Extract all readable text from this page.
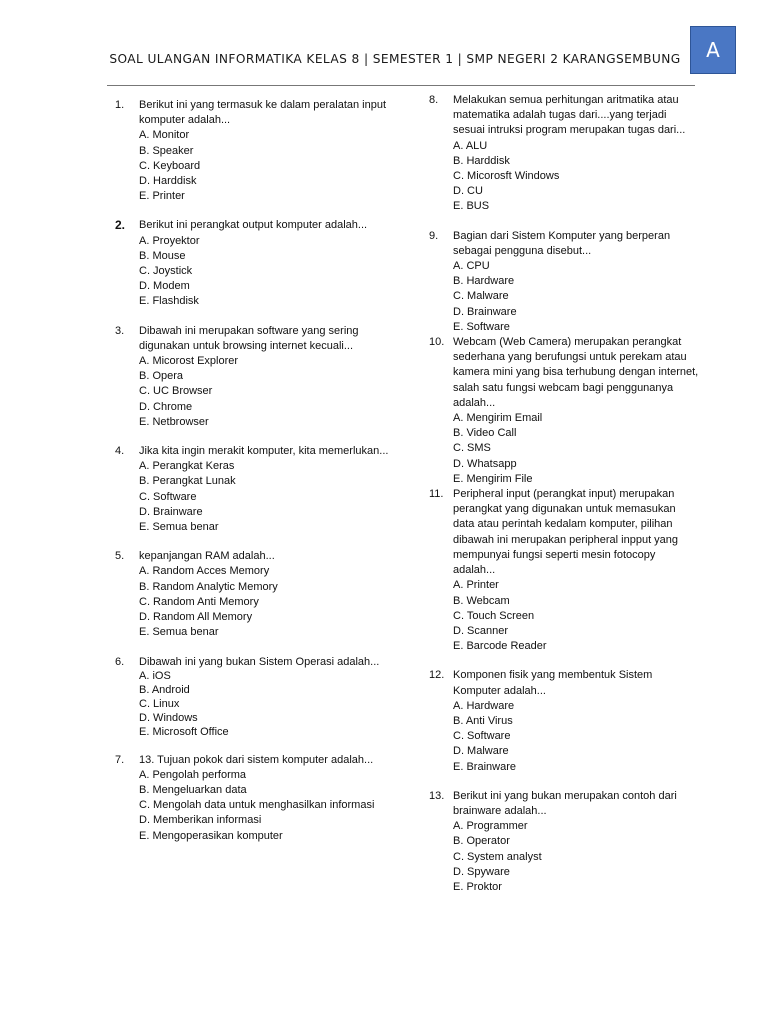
SOAL ULANGAN INFORMATIKA KELAS 8 | SEMESTER 1 | SMP NEGERI 2 KARANGSEMBUNG	A
1. Berikut ini yang termasuk ke dalam peralatan input komputer adalah...
A. Monitor
B. Speaker
C. Keyboard
D. Harddisk
E. Printer
2. Berikut ini perangkat output komputer adalah...
A. Proyektor
B. Mouse
C. Joystick
D. Modem
E. Flashdisk
3. Dibawah ini merupakan software yang sering digunakan untuk browsing internet kecuali...
A. Micorost Explorer
B. Opera
C. UC Browser
D. Chrome
E. Netbrowser
4. Jika kita ingin merakit komputer, kita memerlukan...
A. Perangkat Keras
B. Perangkat Lunak
C. Software
D. Brainware
E. Semua benar
5. kepanjangan RAM adalah...
A. Random Acces Memory
B. Random Analytic Memory
C. Random Anti Memory
D. Random All Memory
E. Semua benar
6. Dibawah ini yang bukan Sistem Operasi adalah...
A. iOS
B. Android
C. Linux
D. Windows
E. Microsoft Office
7. 13. Tujuan pokok dari sistem komputer adalah...
A. Pengolah performa
B. Mengeluarkan data
C. Mengolah data untuk menghasilkan informasi
D. Memberikan informasi
E. Mengoperasikan komputer
8. Melakukan semua perhitungan aritmatika atau matematika adalah tugas dari....yang terjadi sesuai intruksi program merupakan tugas dari...
A. ALU
B. Harddisk
C. Micorosft Windows
D. CU
E. BUS
9. Bagian dari Sistem Komputer yang berperan sebagai pengguna disebut...
A. CPU
B. Hardware
C. Malware
D. Brainware
E. Software
10. Webcam (Web Camera) merupakan perangkat sederhana yang berufungsi untuk perekam atau kamera mini yang bisa terhubung dengan internet, salah satu fungsi webcam bagi penggunanya adalah...
A. Mengirim Email
B. Video Call
C. SMS
D. Whatsapp
E. Mengirim File
11. Peripheral input (perangkat input) merupakan perangkat yang digunakan untuk memasukan data atau perintah kedalam komputer, pilihan dibawah ini merupakan peripheral inpput yang mempunyai fungsi seperti mesin fotocopy adalah...
A. Printer
B. Webcam
C. Touch Screen
D. Scanner
E. Barcode Reader
12. Komponen fisik yang membentuk Sistem Komputer adalah...
A. Hardware
B. Anti Virus
C. Software
D. Malware
E. Brainware
13. Berikut ini yang bukan merupakan contoh dari brainware adalah...
A. Programmer
B. Operator
C. System analyst
D. Spyware
E. Proktor
